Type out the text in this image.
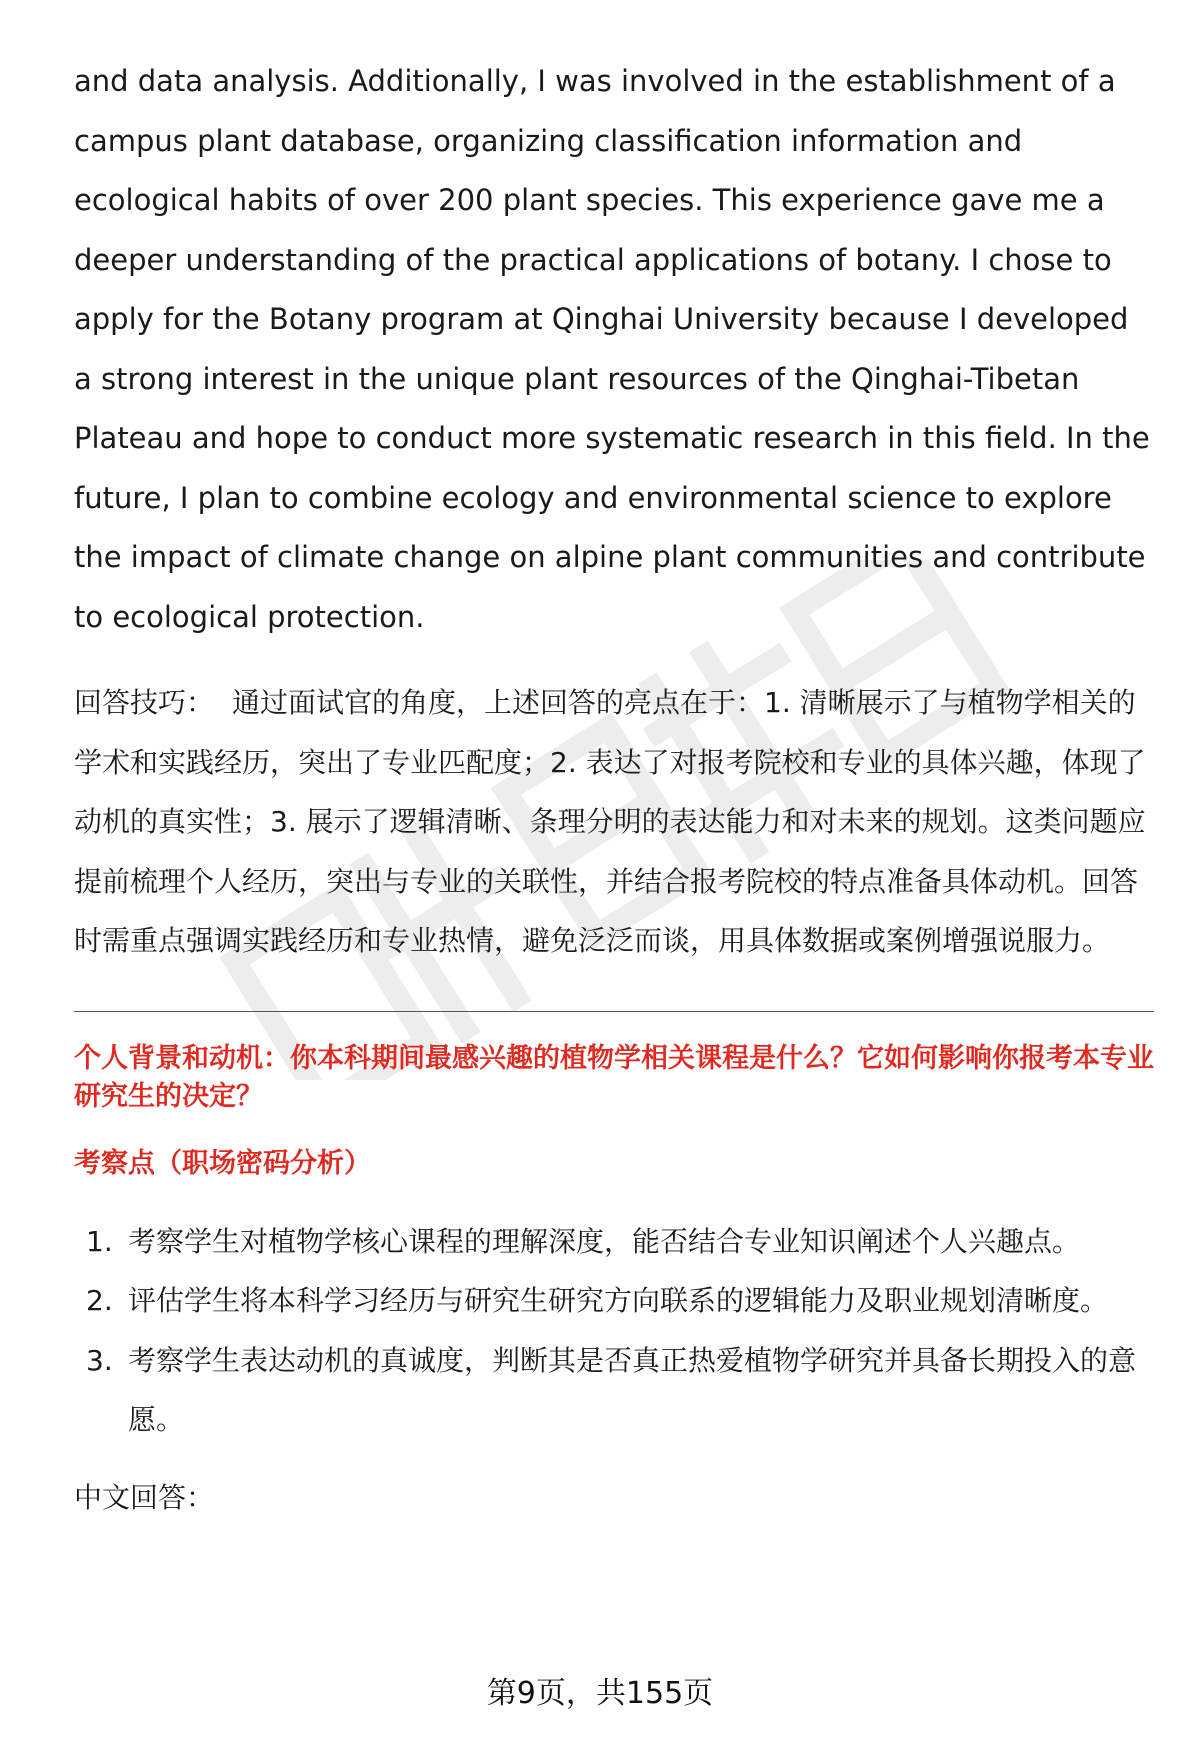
and data analysis. Additionally, I was involved in the establishment of a campus plant database, organizing classification information and ecological habits of over 200 plant species. This experience gave me a deeper understanding of the practical applications of botany. I chose to apply for the Botany program at Qinghai University because I developed a strong interest in the unique plant resources of the Qinghai-Tibetan Plateau and hope to conduct more systematic research in this field. In the future, I plan to combine ecology and environmental science to explore the impact of climate change on alpine plant communities and contribute to ecological protection.

回答技巧： 通过面试官的角度，上述回答的亮点在于：1. 清晰展示了与植物学相关的学术和实践经历，突出了专业匹配度；2. 表达了对报考院校和专业的具体兴趣，体现了动机的真实性；3. 展示了逻辑清晰、条理分明的表达能力和对未来的规划。这类问题应提前梳理个人经历，突出与专业的关联性，并结合报考院校的特点准备具体动机。回答时需重点强调实践经历和专业热情，避免泛泛而谈，用具体数据或案例增强说服力。

个人背景和动机：你本科期间最感兴趣的植物学相关课程是什么？它如何影响你报考本专业研究生的决定？

考察点（职场密码分析）

1. 考察学生对植物学核心课程的理解深度，能否结合专业知识阐述个人兴趣点。
2. 评估学生将本科学习经历与研究生研究方向联系的逻辑能力及职业规划清晰度。
3. 考察学生表达动机的真诚度，判断其是否真正热爱植物学研究并具备长期投入的意愿。

中文回答：

第9页，共155页
